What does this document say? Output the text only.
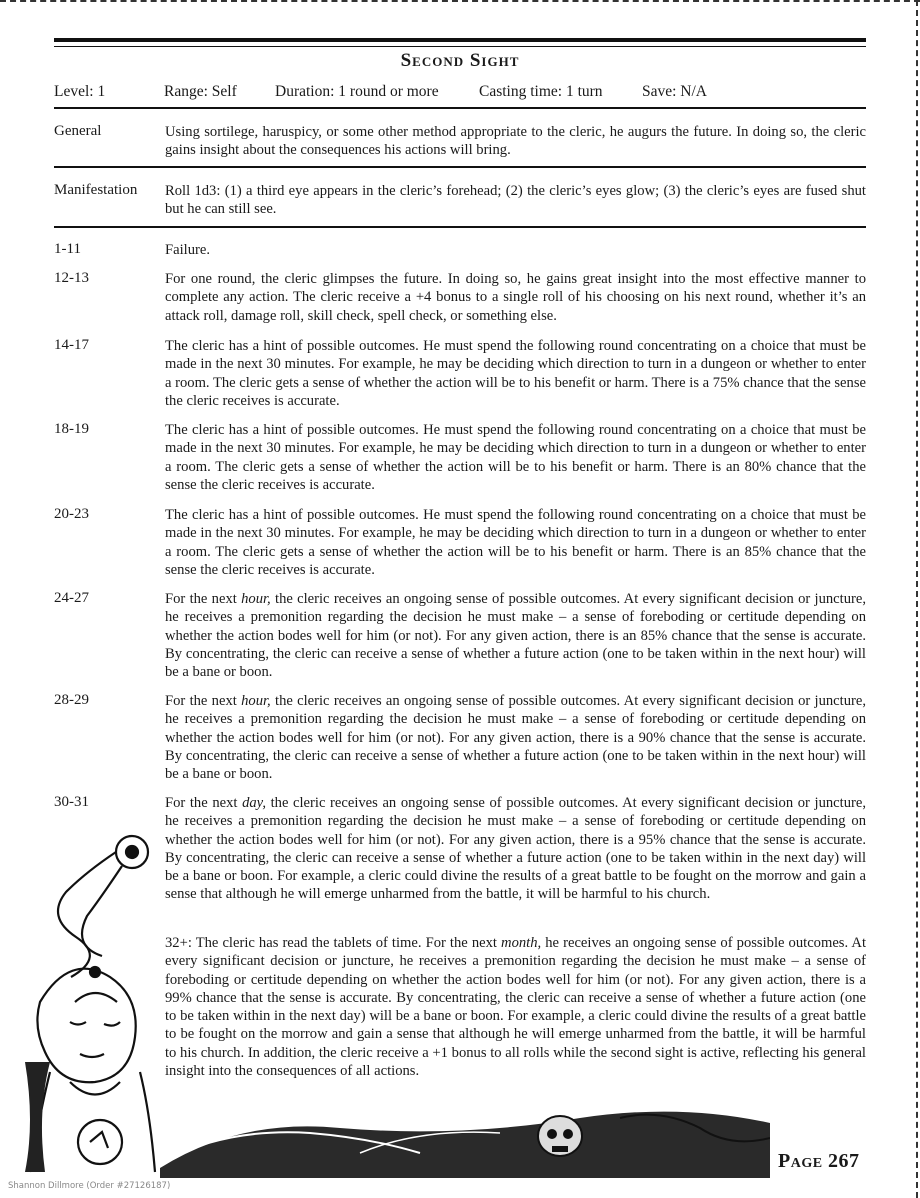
Second Sight
Level: 1	Range: Self Duration: 1 round or more	Casting time: 1 turn	Save: N/A
General	Using sortilege, haruspicy, or some other method appropriate to the cleric, he augurs the future. In doing so, the cleric gains insight about the consequences his actions will bring.
Manifestation Roll 1d3: (1) a third eye appears in the cleric’s forehead; (2) the cleric’s eyes glow; (3) the cleric’s eyes are fused shut but he can still see.
1-11	Failure.
12-13	For one round, the cleric glimpses the future. In doing so, he gains great insight into the most effective manner to complete any action. The cleric receive a +4 bonus to a single roll of his choosing on his next round, whether it’s an attack roll, damage roll, skill check, spell check, or something else.
14-17	The cleric has a hint of possible outcomes. He must spend the following round concentrating on a choice that must be made in the next 30 minutes. For example, he may be deciding which direction to turn in a dungeon or whether to enter a room. The cleric gets a sense of whether the action will be to his benefit or harm. There is a 75% chance that the sense the cleric receives is accurate.
18-19	The cleric has a hint of possible outcomes. He must spend the following round concentrating on a choice that must be made in the next 30 minutes. For example, he may be deciding which direction to turn in a dungeon or whether to enter a room. The cleric gets a sense of whether the action will be to his benefit or harm. There is an 80% chance that the sense the cleric receives is accurate.
20-23	The cleric has a hint of possible outcomes. He must spend the following round concentrating on a choice that must be made in the next 30 minutes. For example, he may be deciding which direction to turn in a dungeon or whether to enter a room. The cleric gets a sense of whether the action will be to his benefit or harm. There is an 85% chance that the sense the cleric receives is accurate.
24-27	For the next hour, the cleric receives an ongoing sense of possible outcomes. At every significant decision or juncture, he receives a premonition regarding the decision he must make – a sense of foreboding or certitude depending on whether the action bodes well for him (or not). For any given action, there is an 85% chance that the sense is accurate. By concentrating, the cleric can receive a sense of whether a future action (one to be taken within in the next hour) will be a bane or boon.
28-29	For the next hour, the cleric receives an ongoing sense of possible outcomes. At every significant decision or juncture, he receives a premonition regarding the decision he must make – a sense of foreboding or certitude depending on whether the action bodes well for him (or not). For any given action, there is a 90% chance that the sense is accurate. By concentrating, the cleric can receive a sense of whether a future action (one to be taken within in the next hour) will be a bane or boon.
30-31	For the next day, the cleric receives an ongoing sense of possible outcomes. At every significant decision or juncture, he receives a premonition regarding the decision he must make – a sense of foreboding or certitude depending on whether the action bodes well for him (or not). For any given action, there is a 95% chance that the sense is accurate. By concentrating, the cleric can receive a sense of whether a future action (one to be taken within in the next day) will be a bane or boon. For example, a cleric could divine the results of a great battle to be fought on the morrow and gain a sense that although he will emerge unharmed from the battle, it will be harmful to his church.
32+: The cleric has read the tablets of time. For the next month, he receives an ongoing sense of possible outcomes. At every significant decision or juncture, he receives a premonition regarding the decision he must make – a sense of foreboding or certitude depending on whether the action bodes well for him (or not). For any given action, there is a 99% chance that the sense is accurate. By concentrating, the cleric can receive a sense of whether a future action (one to be taken within in the next day) will be a bane or boon. For example, a cleric could divine the results of a great battle to be fought on the morrow and gain a sense that although he will emerge unharmed from the battle, it will be harmful to his church. In addition, the cleric receive a +1 bonus to all rolls while the second sight is active, reflecting his general insight into the consequences of all actions.
Page 267
Shannon Dillmore (Order #27126187)
